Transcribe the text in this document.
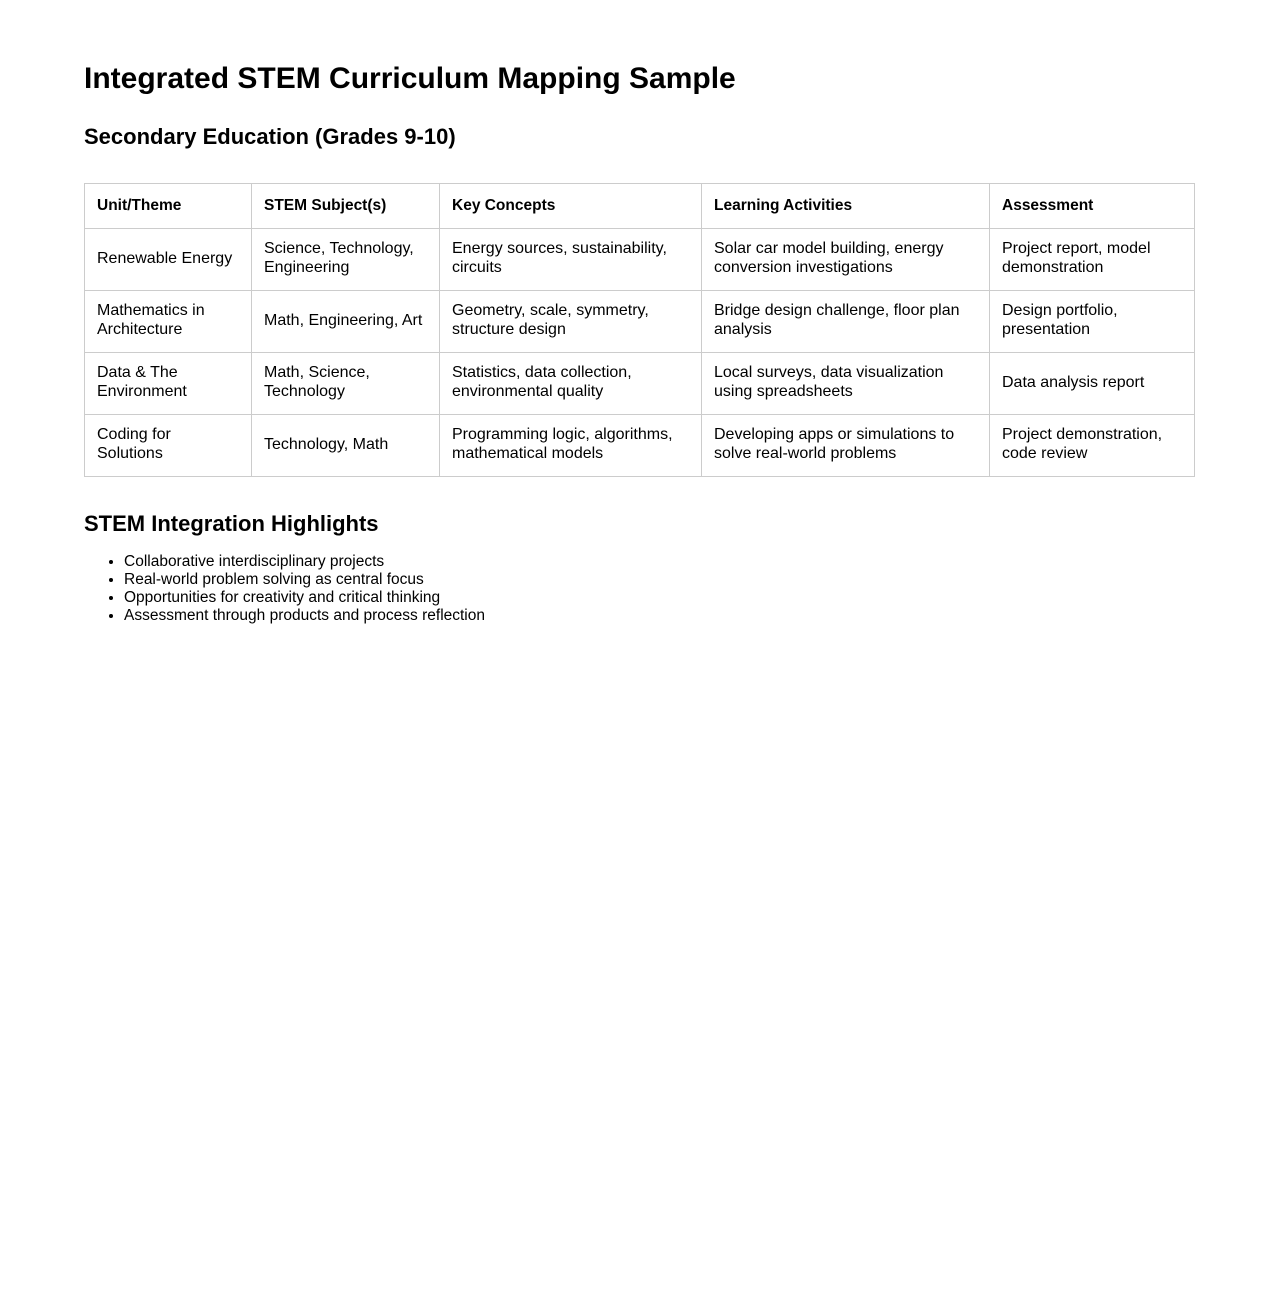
Integrated STEM Curriculum Mapping Sample
Secondary Education (Grades 9-10)
Unit/Theme	STEM Subject(s)	Key Concepts	Learning Activities	Assessment
Renewable Energy	Science, Technology, Engineering	Energy sources, sustainability, circuits	Solar car model building, energy conversion investigations	Project report, model demonstration
Mathematics in Architecture	Math, Engineering, Art	Geometry, scale, symmetry, structure design	Bridge design challenge, floor plan analysis	Design portfolio, presentation
Data & The Environment	Math, Science, Technology	Statistics, data collection, environmental quality	Local surveys, data visualization using spreadsheets	Data analysis report
Coding for Solutions	Technology, Math	Programming logic, algorithms, mathematical models	Developing apps or simulations to solve real-world problems	Project demonstration, code review
STEM Integration Highlights
• Collaborative interdisciplinary projects
• Real-world problem solving as central focus
• Opportunities for creativity and critical thinking
• Assessment through products and process reflection
